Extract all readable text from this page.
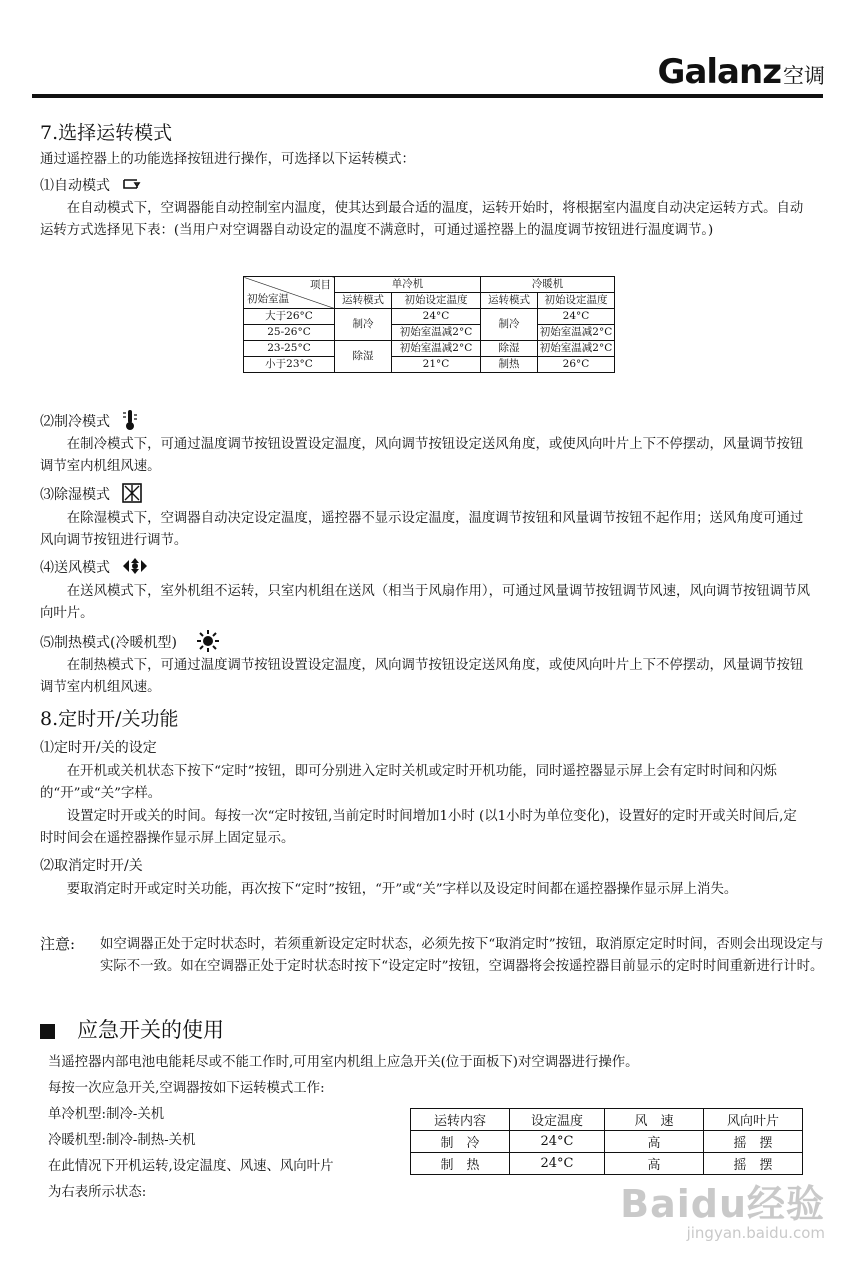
Galanz 空调
7.选择运转模式
通过遥控器上的功能选择按钮进行操作，可选择以下运转模式：
⑴自动模式
在自动模式下，空调器能自动控制室内温度，使其达到最合适的温度，运转开始时，将根据室内温度自动决定运转方式。自动运转方式选择见下表：(当用户对空调器自动设定的温度不满意时，可通过遥控器上的温度调节按钮进行温度调节。)
项目
初始室温	单冷机		冷暖机	
	运转模式	初始设定温度	运转模式	初始设定温度
大于26°C	制冷	24°C	制冷	24°C
25-26°C		初始室温减2°C		初始室温减2°C
23-25°C	除湿	初始室温减2°C	除湿	初始室温减2°C
小于23°C		21°C	制热	26°C
⑵制冷模式
在制冷模式下，可通过温度调节按钮设置设定温度，风向调节按钮设定送风角度，或使风向叶片上下不停摆动，风量调节按钮调节室内机组风速。
⑶除湿模式
在除湿模式下，空调器自动决定设定温度，遥控器不显示设定温度，温度调节按钮和风量调节按钮不起作用；送风角度可通过风向调节按钮进行调节。
⑷送风模式
在送风模式下，室外机组不运转，只室内机组在送风（相当于风扇作用），可通过风量调节按钮调节风速，风向调节按钮调节风向叶片。
⑸制热模式(冷暖机型)
在制热模式下，可通过温度调节按钮设置设定温度，风向调节按钮设定送风角度，或使风向叶片上下不停摆动，风量调节按钮调节室内机组风速。
8.定时开/关功能
⑴定时开/关的设定
在开机或关机状态下按下“定时”按钮，即可分别进入定时关机或定时开机功能，同时遥控器显示屏上会有定时时间和闪烁的“开”或“关”字样。
设置定时开或关的时间。每按一次“定时按钮,当前定时时间增加1小时 (以1小时为单位变化)，设置好的定时开或关时间后,定时时间会在遥控器操作显示屏上固定显示。
⑵取消定时开/关
要取消定时开或定时关功能，再次按下“定时”按钮，“开”或“关”字样以及设定时间都在遥控器操作显示屏上消失。
注意: 如空调器正处于定时状态时，若须重新设定定时状态，必须先按下“取消定时”按钮，取消原定定时时间，否则会出现设定与实际不一致。如在空调器正处于定时状态时按下“设定定时”按钮，空调器将会按遥控器目前显示的定时时间重新进行计时。
应急开关的使用
当遥控器内部电池电能耗尽或不能工作时,可用室内机组上应急开关(位于面板下)对空调器进行操作。
每按一次应急开关,空调器按如下运转模式工作:
单冷机型:制冷-关机
冷暖机型:制冷-制热-关机
在此情况下开机运转,设定温度、风速、风向叶片
为右表所示状态:
运转内容	设定温度	风　速	风向叶片
制　冷	24°C	高	摇　摆
制　热	24°C	高	摇　摆
Baidu经验
jingyan.baidu.com
